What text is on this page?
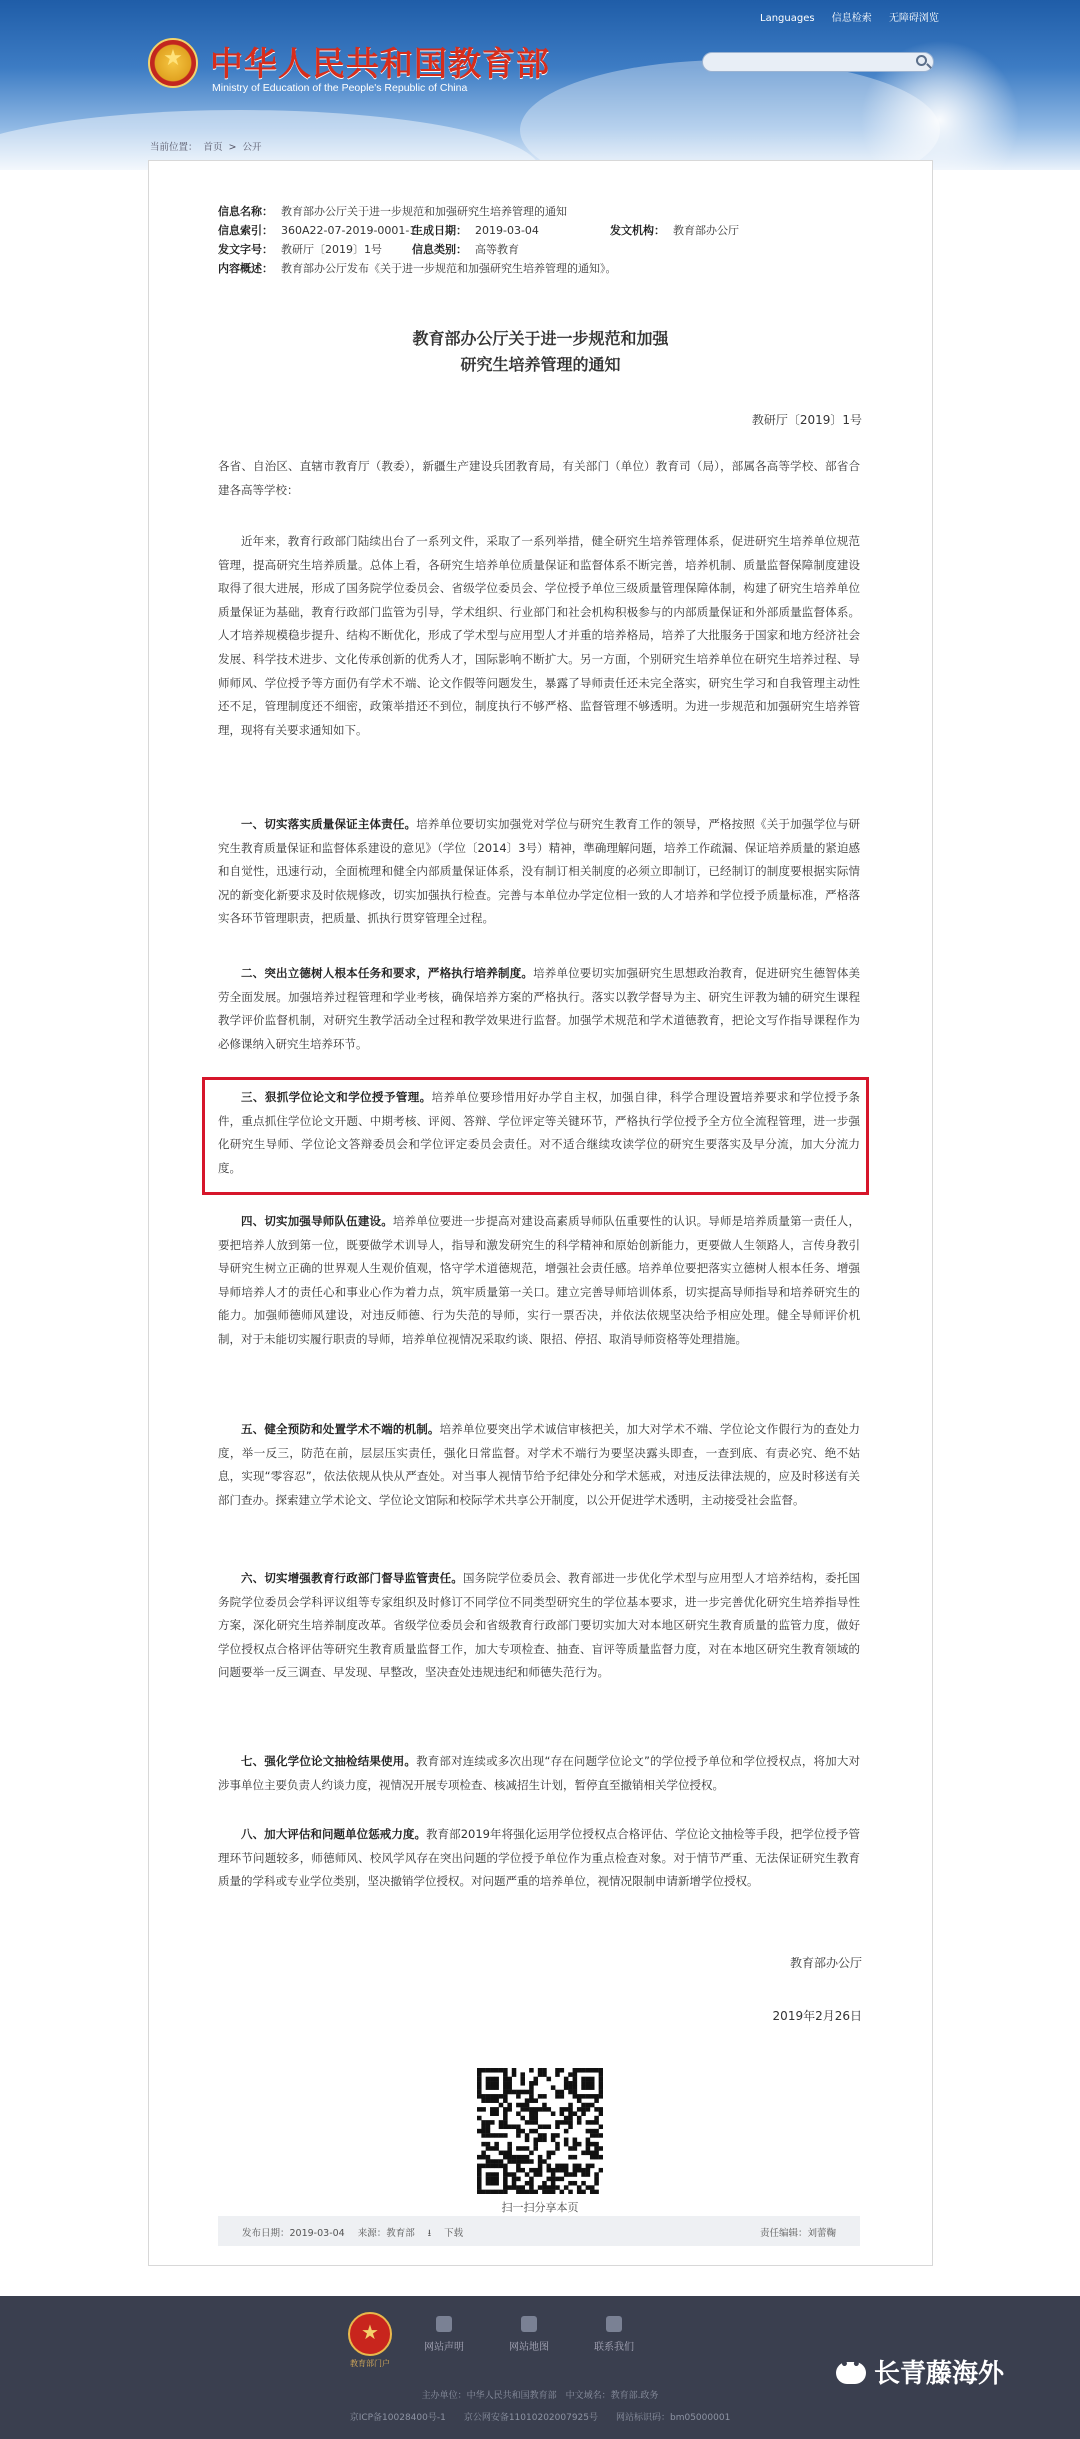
★
中华人民共和国教育部
Ministry of Education of the People's Republic of China
Languages 信息检索 无障碍浏览
当前位置： 首页 > 公开
信息名称： 教育部办公厅关于进一步规范和加强研究生培养管理的通知
信息索引： 360A22-07-2019-0001-1
生成日期： 2019-03-04	发文机构： 教育部办公厅
发文字号： 教研厅〔2019〕1号	信息类别： 高等教育
内容概述： 教育部办公厅发布《关于进一步规范和加强研究生培养管理的通知》。
教育部办公厅关于进一步规范和加强
研究生培养管理的通知
教研厅〔2019〕1号

各省、自治区、直辖市教育厅（教委），新疆生产建设兵团教育局，有关部门（单位）教育司（局），部属各高等学校、部省合建各高等学校：

近年来，教育行政部门陆续出台了一系列文件，采取了一系列举措，健全研究生培养管理体系，促进研究生培养单位规范管理，提高研究生培养质量。总体上看，各研究生培养单位质量保证和监督体系不断完善，培养机制、质量监督保障制度建设取得了很大进展，形成了国务院学位委员会、省级学位委员会、学位授予单位三级质量管理保障体制，构建了研究生培养单位质量保证为基础，教育行政部门监管为引导，学术组织、行业部门和社会机构积极参与的内部质量保证和外部质量监督体系。人才培养规模稳步提升、结构不断优化，形成了学术型与应用型人才并重的培养格局，培养了大批服务于国家和地方经济社会发展、科学技术进步、文化传承创新的优秀人才，国际影响不断扩大。另一方面，个别研究生培养单位在研究生培养过程、导师师风、学位授予等方面仍有学术不端、论文作假等问题发生，暴露了导师责任还未完全落实，研究生学习和自我管理主动性还不足，管理制度还不细密，政策举措还不到位，制度执行不够严格、监督管理不够透明。为进一步规范和加强研究生培养管理，现将有关要求通知如下。

一、切实落实质量保证主体责任。培养单位要切实加强党对学位与研究生教育工作的领导，严格按照《关于加强学位与研究生教育质量保证和监督体系建设的意见》（学位〔2014〕3号）精神，準确理解问题，培养工作疏漏、保证培养质量的紧迫感和自觉性，迅速行动，全面梳理和健全内部质量保证体系，没有制订相关制度的必须立即制订，已经制订的制度要根据实际情况的新变化新要求及时依规修改，切实加强执行检查。完善与本单位办学定位相一致的人才培养和学位授予质量标准，严格落实各环节管理职责，把质量、抓执行贯穿管理全过程。

二、突出立德树人根本任务和要求，严格执行培养制度。培养单位要切实加强研究生思想政治教育，促进研究生德智体美劳全面发展。加强培养过程管理和学业考核，确保培养方案的严格执行。落实以教学督导为主、研究生评教为辅的研究生课程教学评价监督机制，对研究生教学活动全过程和教学效果进行监督。加强学术规范和学术道德教育，把论文写作指导课程作为必修课纳入研究生培养环节。

三、狠抓学位论文和学位授予管理。培养单位要珍惜用好办学自主权，加强自律，科学合理设置培养要求和学位授予条件，重点抓住学位论文开题、中期考核、评阅、答辩、学位评定等关键环节，严格执行学位授予全方位全流程管理，进一步强化研究生导师、学位论文答辩委员会和学位评定委员会责任。对不适合继续攻读学位的研究生要落实及早分流，加大分流力度。

四、切实加强导师队伍建设。培养单位要进一步提高对建设高素质导师队伍重要性的认识。导师是培养质量第一责任人，要把培养人放到第一位，既要做学术训导人，指导和激发研究生的科学精神和原始创新能力，更要做人生领路人，言传身教引导研究生树立正确的世界观人生观价值观，恪守学术道德规范，增强社会责任感。培养单位要把落实立德树人根本任务、增强导师培养人才的责任心和事业心作为着力点，筑牢质量第一关口。建立完善导师培训体系，切实提高导师指导和培养研究生的能力。加强师德师风建设，对违反师德、行为失范的导师，实行一票否决，并依法依规坚决给予相应处理。健全导师评价机制，对于未能切实履行职责的导师，培养单位视情况采取约谈、限招、停招、取消导师资格等处理措施。

五、健全预防和处置学术不端的机制。培养单位要突出学术诚信审核把关，加大对学术不端、学位论文作假行为的查处力度，举一反三，防范在前，层层压实责任，强化日常监督。对学术不端行为要坚决露头即查，一查到底、有责必究、绝不姑息，实现“零容忍”，依法依规从快从严查处。对当事人视情节给予纪律处分和学术惩戒，对违反法律法规的，应及时移送有关部门查办。探索建立学术论文、学位论文馆际和校际学术共享公开制度，以公开促进学术透明，主动接受社会监督。

六、切实增强教育行政部门督导监管责任。国务院学位委员会、教育部进一步优化学术型与应用型人才培养结构，委托国务院学位委员会学科评议组等专家组织及时修订不同学位不同类型研究生的学位基本要求，进一步完善优化研究生培养指导性方案，深化研究生培养制度改革。省级学位委员会和省级教育行政部门要切实加大对本地区研究生教育质量的监管力度，做好学位授权点合格评估等研究生教育质量监督工作，加大专项检查、抽查、盲评等质量监督力度，对在本地区研究生教育领域的问题要举一反三调查、早发现、早整改，坚决查处违规违纪和师德失范行为。

七、强化学位论文抽检结果使用。教育部对连续或多次出现“存在问题学位论文”的学位授予单位和学位授权点，将加大对涉事单位主要负责人约谈力度，视情况开展专项检查、核减招生计划，暂停直至撤销相关学位授权。

八、加大评估和问题单位惩戒力度。教育部2019年将强化运用学位授权点合格评估、学位论文抽检等手段，把学位授予管理环节问题较多，师德师风、校风学风存在突出问题的学位授予单位作为重点检查对象。对于情节严重、无法保证研究生教育质量的学科或专业学位类别，坚决撤销学位授权。对问题严重的培养单位，视情况限制申请新增学位授权。

教育部办公厅
2019年2月26日
扫一扫分享本页
发布日期：2019-03-04 来源：教育部 ⭳ 下载	责任编辑：刘蕾鞠
★
教育部门户
网站声明	网站地图	联系我们
主办单位：中华人民共和国教育部　中文域名：教育部.政务
京ICP备10028400号-1　　京公网安备11010202007925号　　网站标识码：bm05000001
• •长青藤海外
